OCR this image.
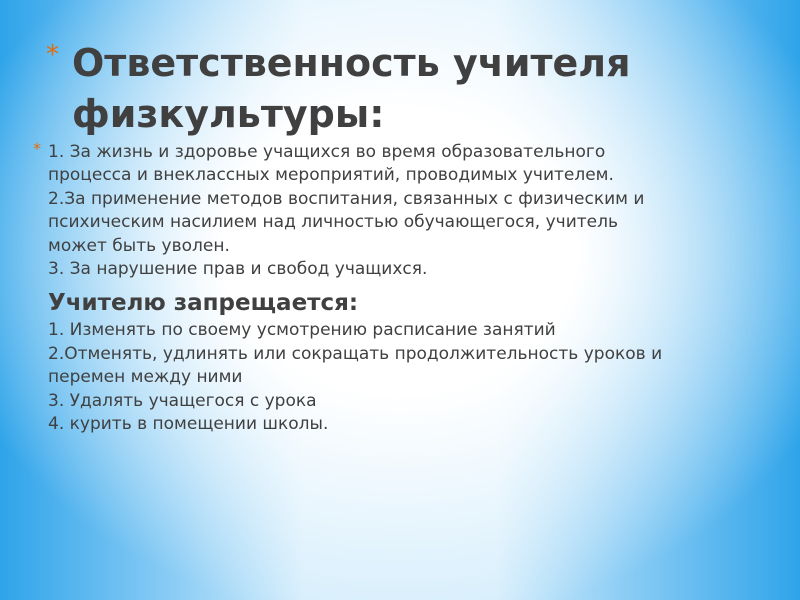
* Ответственность учителя
физкультуры:
* 1. За жизнь и здоровье учащихся во время образовательного
процесса и внеклассных мероприятий, проводимых учителем.
2.За применение методов воспитания, связанных с физическим и
психическим насилием над личностью обучающегося, учитель
может быть уволен.
3. За нарушение прав и свобод учащихся.
Учителю запрещается:
1. Изменять по своему усмотрению расписание занятий
2.Отменять, удлинять или сокращать продолжительность уроков и
перемен между ними
3. Удалять учащегося с урока
4. курить в помещении школы.
